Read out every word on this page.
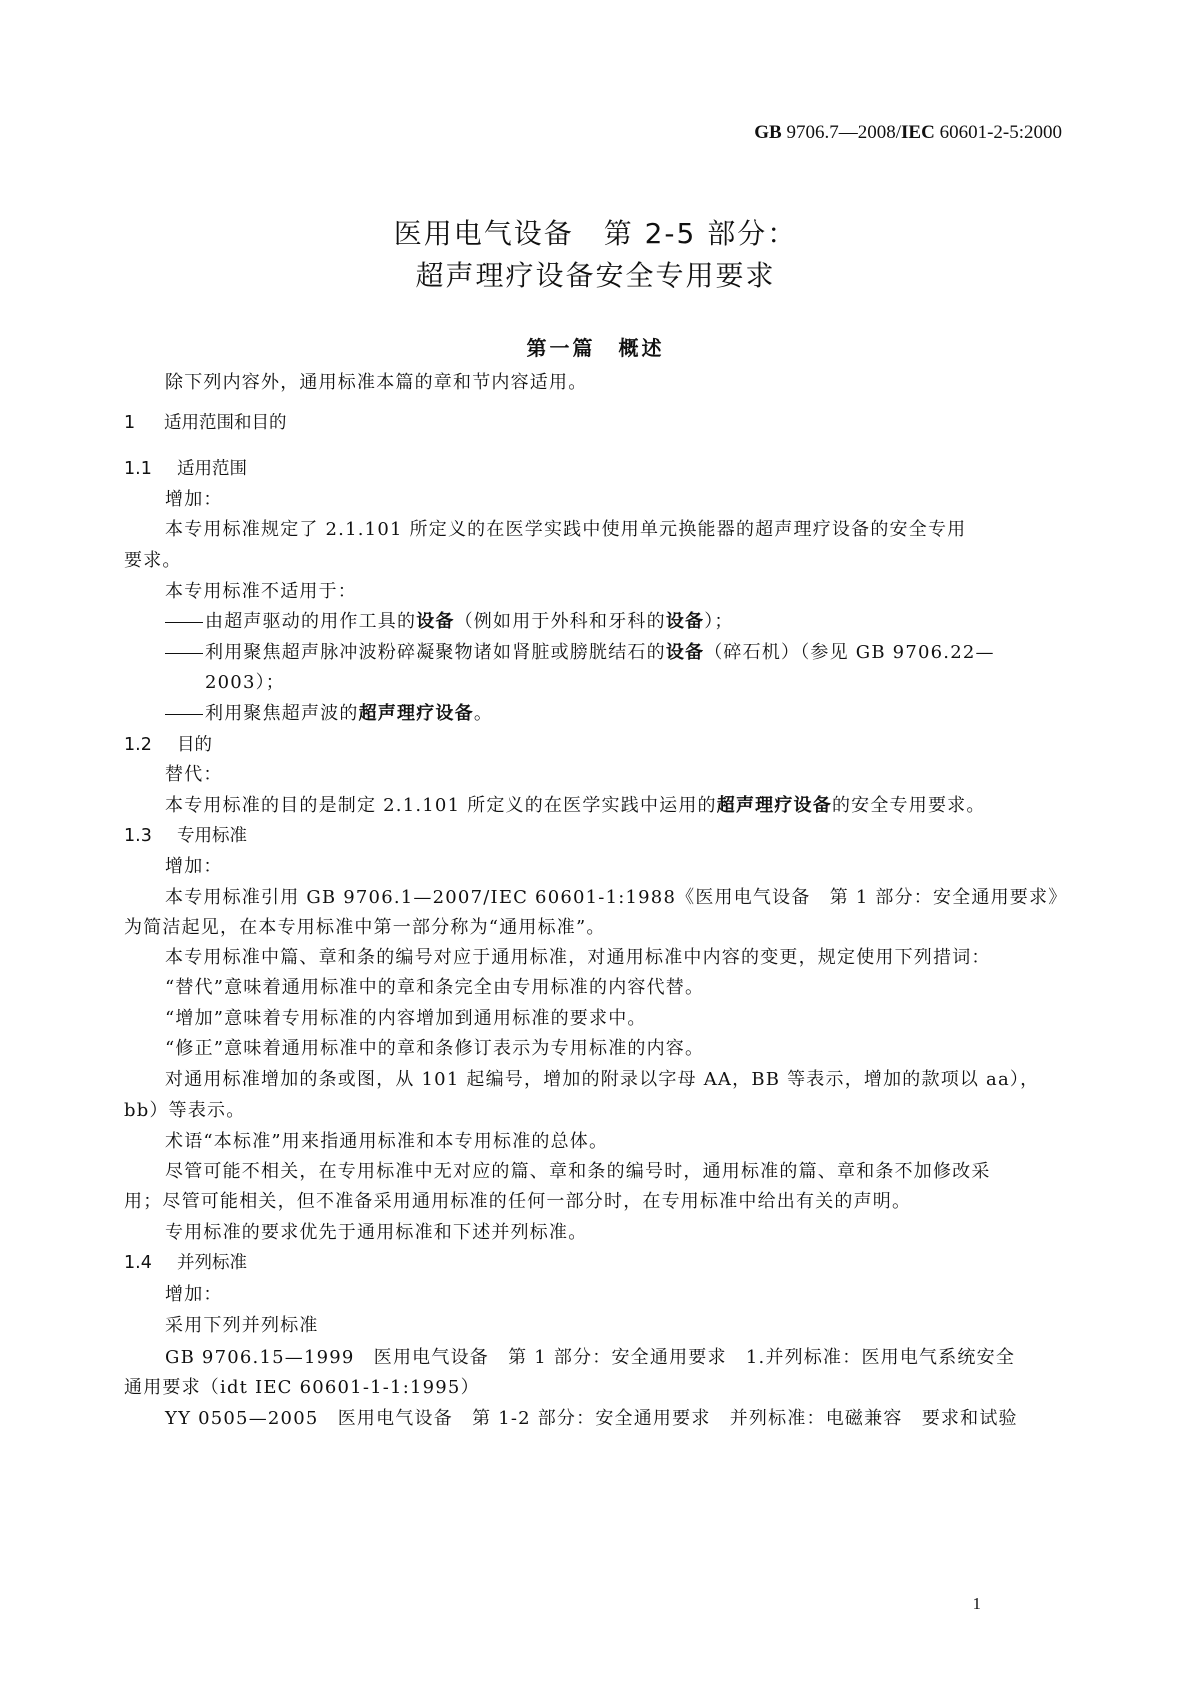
GB 9706.7—2008/IEC 60601-2-5:2000
医用电气设备　第 2-5 部分：
超声理疗设备安全专用要求
第一篇　概述
除下列内容外，通用标准本篇的章和节内容适用。
1 适用范围和目的
1.1 适用范围
增加：
本专用标准规定了 2.1.101 所定义的在医学实践中使用单元换能器的超声理疗设备的安全专用
要求。
本专用标准不适用于：
由超声驱动的用作工具的设备（例如用于外科和牙科的设备）；
利用聚焦超声脉冲波粉碎凝聚物诸如肾脏或膀胱结石的设备（碎石机）（参见 GB 9706.22—
2003）；
利用聚焦超声波的超声理疗设备。
1.2 目的
替代：
本专用标准的目的是制定 2.1.101 所定义的在医学实践中运用的超声理疗设备的安全专用要求。
1.3 专用标准
增加：
本专用标准引用 GB 9706.1—2007/IEC 60601-1:1988《医用电气设备　第 1 部分：安全通用要求》
为简洁起见，在本专用标准中第一部分称为“通用标准”。
本专用标准中篇、章和条的编号对应于通用标准，对通用标准中内容的变更，规定使用下列措词：
“替代”意味着通用标准中的章和条完全由专用标准的内容代替。
“增加”意味着专用标准的内容增加到通用标准的要求中。
“修正”意味着通用标准中的章和条修订表示为专用标准的内容。
对通用标准增加的条或图，从 101 起编号，增加的附录以字母 AA，BB 等表示，增加的款项以 aa），
bb）等表示。
术语“本标准”用来指通用标准和本专用标准的总体。
尽管可能不相关，在专用标准中无对应的篇、章和条的编号时，通用标准的篇、章和条不加修改采
用；尽管可能相关，但不准备采用通用标准的任何一部分时，在专用标准中给出有关的声明。
专用标准的要求优先于通用标准和下述并列标准。
1.4 并列标准
增加：
采用下列并列标准
GB 9706.15—1999　医用电气设备　第 1 部分：安全通用要求　1.并列标准：医用电气系统安全
通用要求（idt IEC 60601-1-1:1995）
YY 0505—2005　医用电气设备　第 1-2 部分：安全通用要求　并列标准：电磁兼容　要求和试验
1
